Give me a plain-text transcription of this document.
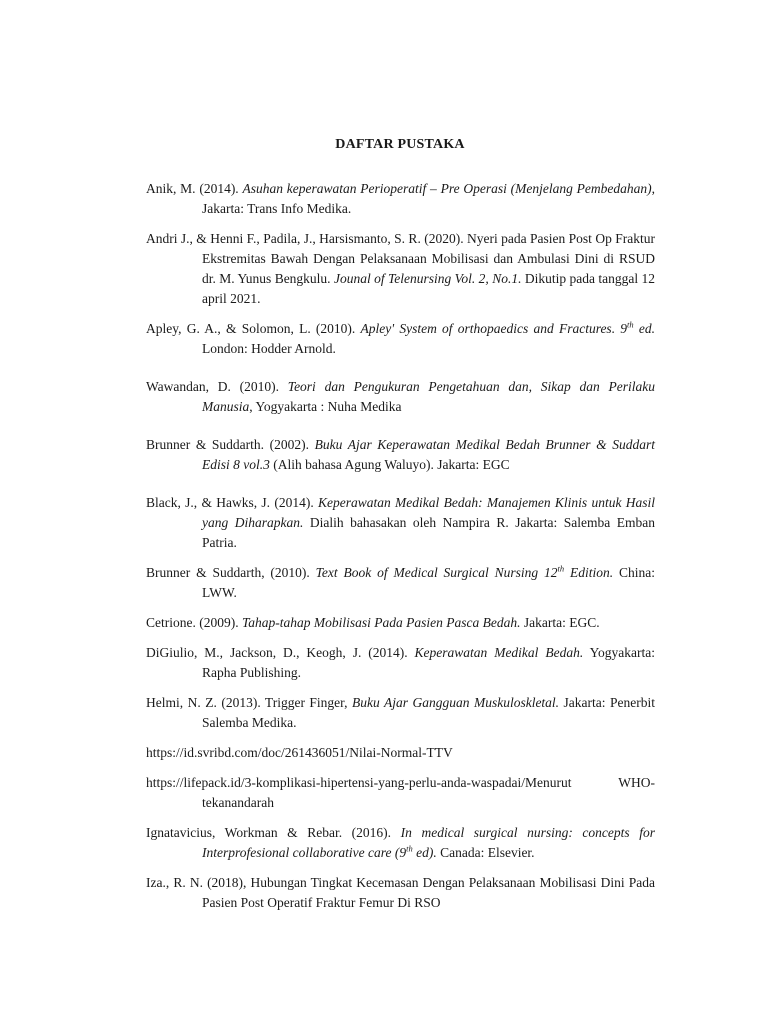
DAFTAR PUSTAKA

Anik, M. (2014). Asuhan keperawatan Perioperatif – Pre Operasi (Menjelang Pembedahan), Jakarta: Trans Info Medika.

Andri J., & Henni F., Padila, J., Harsismanto, S. R. (2020). Nyeri pada Pasien Post Op Fraktur Ekstremitas Bawah Dengan Pelaksanaan Mobilisasi dan Ambulasi Dini di RSUD dr. M. Yunus Bengkulu. Jounal of Telenursing Vol. 2, No.1. Dikutip pada tanggal 12 april 2021.

Apley, G. A., & Solomon, L. (2010). Apley' System of orthopaedics and Fractures. 9th ed. London: Hodder Arnold.

Wawandan, D. (2010). Teori dan Pengukuran Pengetahuan dan, Sikap dan Perilaku Manusia, Yogyakarta : Nuha Medika

Brunner & Suddarth. (2002). Buku Ajar Keperawatan Medikal Bedah Brunner & Suddart Edisi 8 vol.3 (Alih bahasa Agung Waluyo). Jakarta: EGC

Black, J., & Hawks, J. (2014). Keperawatan Medikal Bedah: Manajemen Klinis untuk Hasil yang Diharapkan. Dialih bahasakan oleh Nampira R. Jakarta: Salemba Emban Patria.

Brunner & Suddarth, (2010). Text Book of Medical Surgical Nursing 12th Edition. China: LWW.

Cetrione. (2009). Tahap-tahap Mobilisasi Pada Pasien Pasca Bedah. Jakarta: EGC.

DiGiulio, M., Jackson, D., Keogh, J. (2014). Keperawatan Medikal Bedah. Yogyakarta: Rapha Publishing.

Helmi, N. Z. (2013). Trigger Finger, Buku Ajar Gangguan Muskuloskletal. Jakarta: Penerbit Salemba Medika.

https://id.svribd.com/doc/261436051/Nilai-Normal-TTV

https://lifepack.id/3-komplikasi-hipertensi-yang-perlu-anda-waspadai/Menurut WHO-tekanandarah

Ignatavicius, Workman & Rebar. (2016). In medical surgical nursing: concepts for Interprofesional collaborative care (9th ed). Canada: Elsevier.

Iza., R. N. (2018), Hubungan Tingkat Kecemasan Dengan Pelaksanaan Mobilisasi Dini Pada Pasien Post Operatif Fraktur Femur Di RSO
